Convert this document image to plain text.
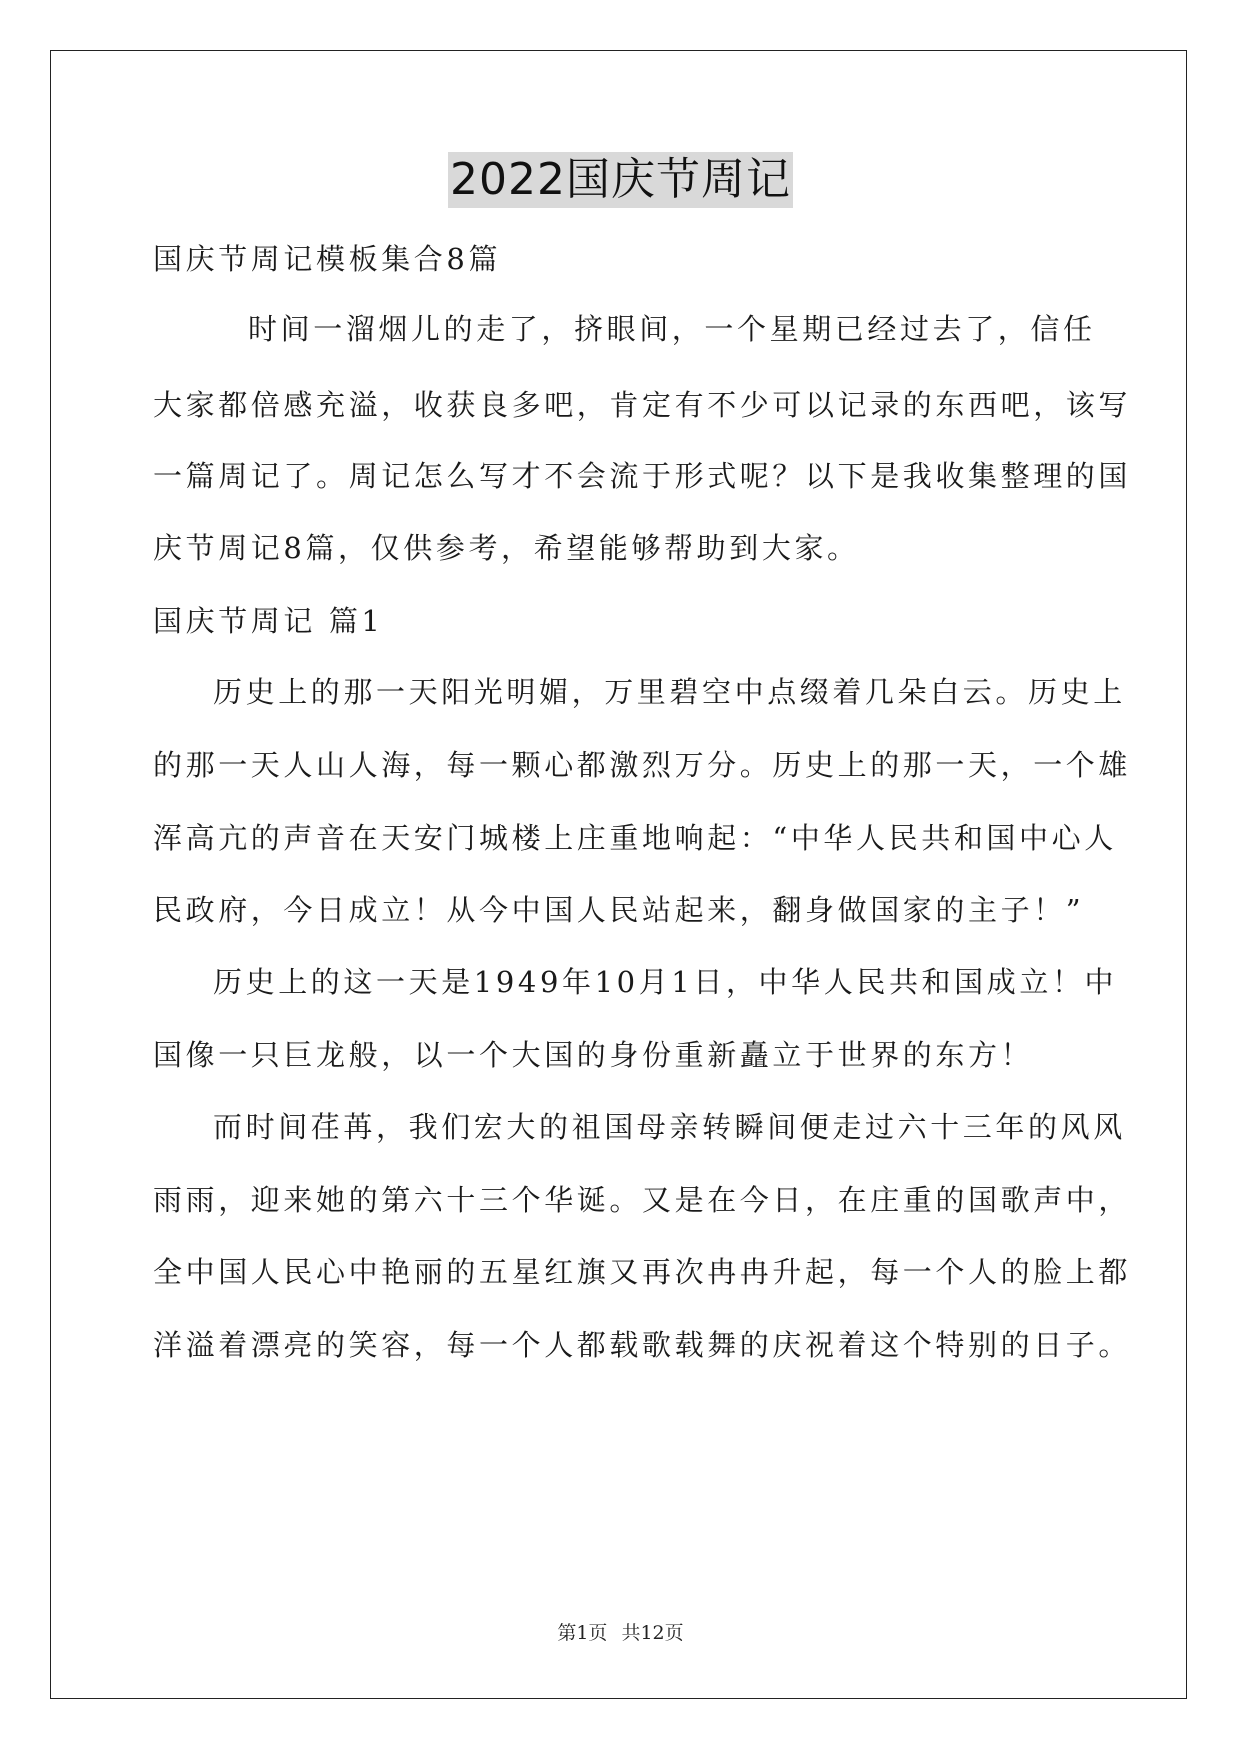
2022国庆节周记
国庆节周记模板集合8篇
时间一溜烟儿的走了，挤眼间，一个星期已经过去了，信任
大家都倍感充溢，收获良多吧，肯定有不少可以记录的东西吧，该写
一篇周记了。周记怎么写才不会流于形式呢？以下是我收集整理的国
庆节周记8篇，仅供参考，希望能够帮助到大家。
国庆节周记 篇1
历史上的那一天阳光明媚，万里碧空中点缀着几朵白云。历史上
的那一天人山人海，每一颗心都激烈万分。历史上的那一天，一个雄
浑高亢的声音在天安门城楼上庄重地响起：“中华人民共和国中心人
民政府，今日成立！从今中国人民站起来，翻身做国家的主子！”
历史上的这一天是1949年10月1日，中华人民共和国成立！中
国像一只巨龙般，以一个大国的身份重新矗立于世界的东方！
而时间荏苒，我们宏大的祖国母亲转瞬间便走过六十三年的风风
雨雨，迎来她的第六十三个华诞。又是在今日，在庄重的国歌声中，
全中国人民心中艳丽的五星红旗又再次冉冉升起，每一个人的脸上都
洋溢着漂亮的笑容，每一个人都载歌载舞的庆祝着这个特别的日子。
第1页 共12页
